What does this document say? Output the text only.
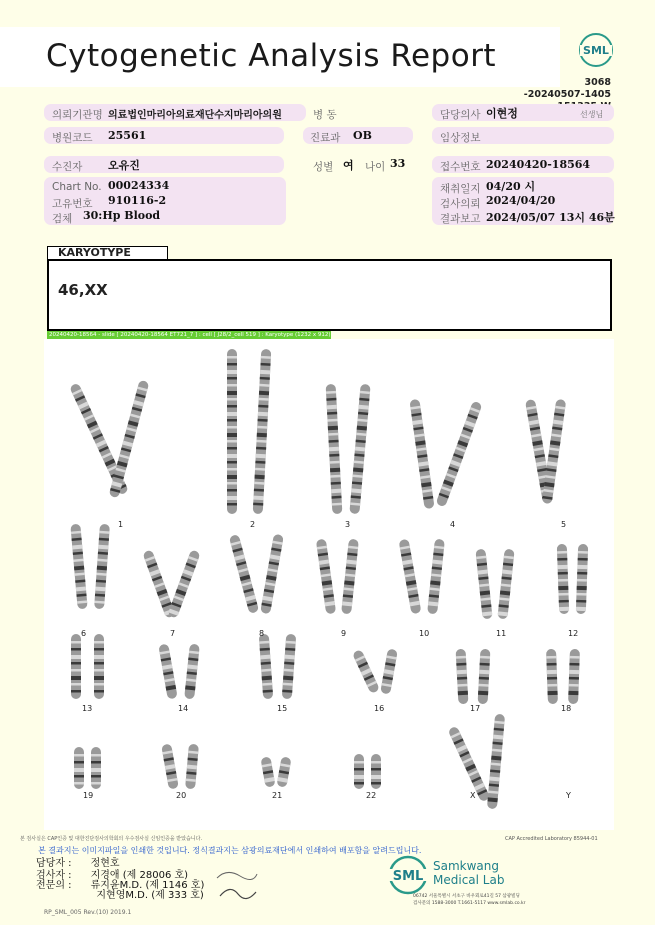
Cytogenetic Analysis Report	SML
3068 -20240507-1405
의뢰기관명 의료법인마리아의료재단수지마리아의원	병 동	담당의사 이현정	선생님
병원코드 25561	진료과 OB	임상정보
수진자 오유진	성별 여 나이 33	접수번호 20240420-18564
Chart No. 00024334
고유번호 910116-2
검체 30:Hp Blood
채취일지 04/20 시
검사의뢰 2024/04/20
결과보고 2024/05/07 13시 46분
KARYOTYPE
46,XX
20240420-18564 - slide [ 20240420-18564 ET721_7 ] : cell [ J28/2_cell 519 ] : Karyotype (1232 x 912)
1	2	3	4	5
6	7	8	9	10	11	12
13	14	15	16	17	18
19	20	21	22	X	Y
본 검사실은 CAP인증 및 대한진단검사의학회의 우수검사실 신임인증을 받았습니다.	CAP Accredited Laboratory 85944-01
본 결과지는 이미지파일을 인쇄한 것입니다. 정식결과지는 삼광의료재단에서 인쇄하여 배포함을 알려드립니다.
담당자 :      정현호
검사자 :      지경애 (제 28006 호)
전문의 :      류지윤M.D. (제 1146 호)
지현영M.D. (제 333 호)
SML
Samkwang
Medical Lab
06742 서울특별시 서초구 바우뫼로41길 57 삼광빌딩
검사문의 1588-3000 T.1661-5117 www.smlab.co.kr
RP_SML_005 Rev.(10) 2019.1
